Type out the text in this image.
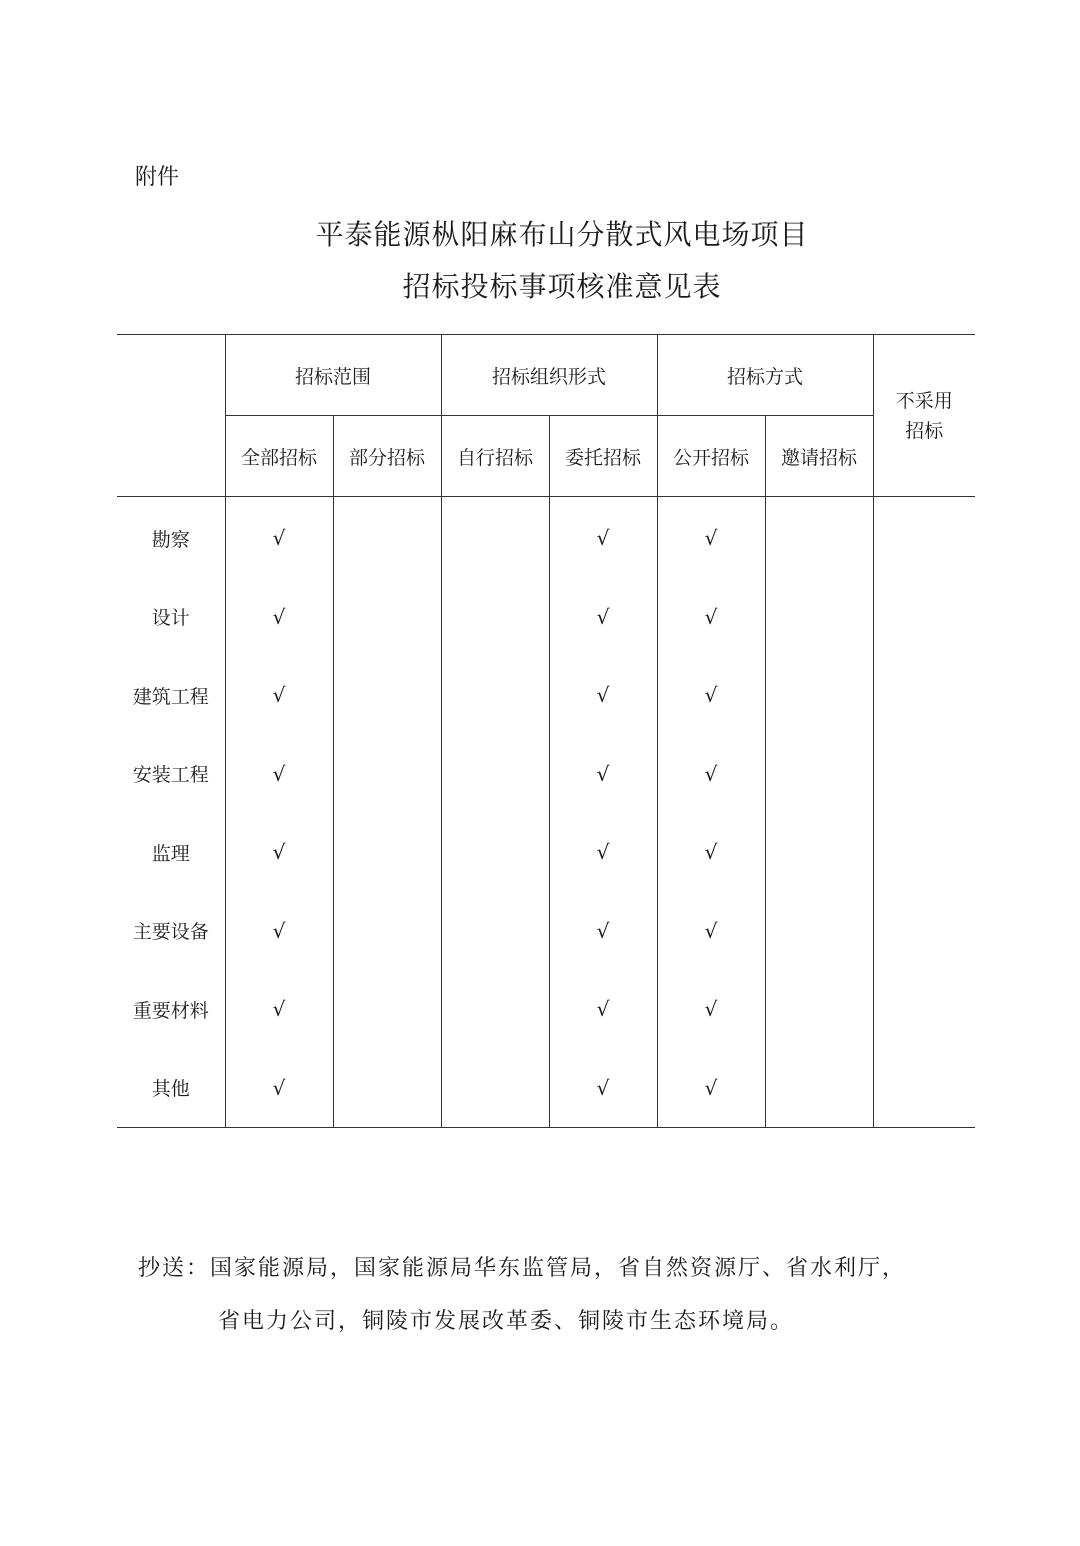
附件
平泰能源枞阳麻布山分散式风电场项目
招标投标事项核准意见表
	招标范围		招标组织形式		招标方式		不采用招标

	全部招标	部分招标	自行招标	委托招标	公开招标	邀请招标	
勘察	√			√	√		
设计	√			√	√		
建筑工程	√			√	√		
安装工程	√			√	√		
监理	√			√	√		
主要设备	√			√	√		
重要材料	√			√	√		
其他	√			√	√		
抄送：国家能源局，国家能源局华东监管局，省自然资源厅、省水利厅，
省电力公司，铜陵市发展改革委、铜陵市生态环境局。
